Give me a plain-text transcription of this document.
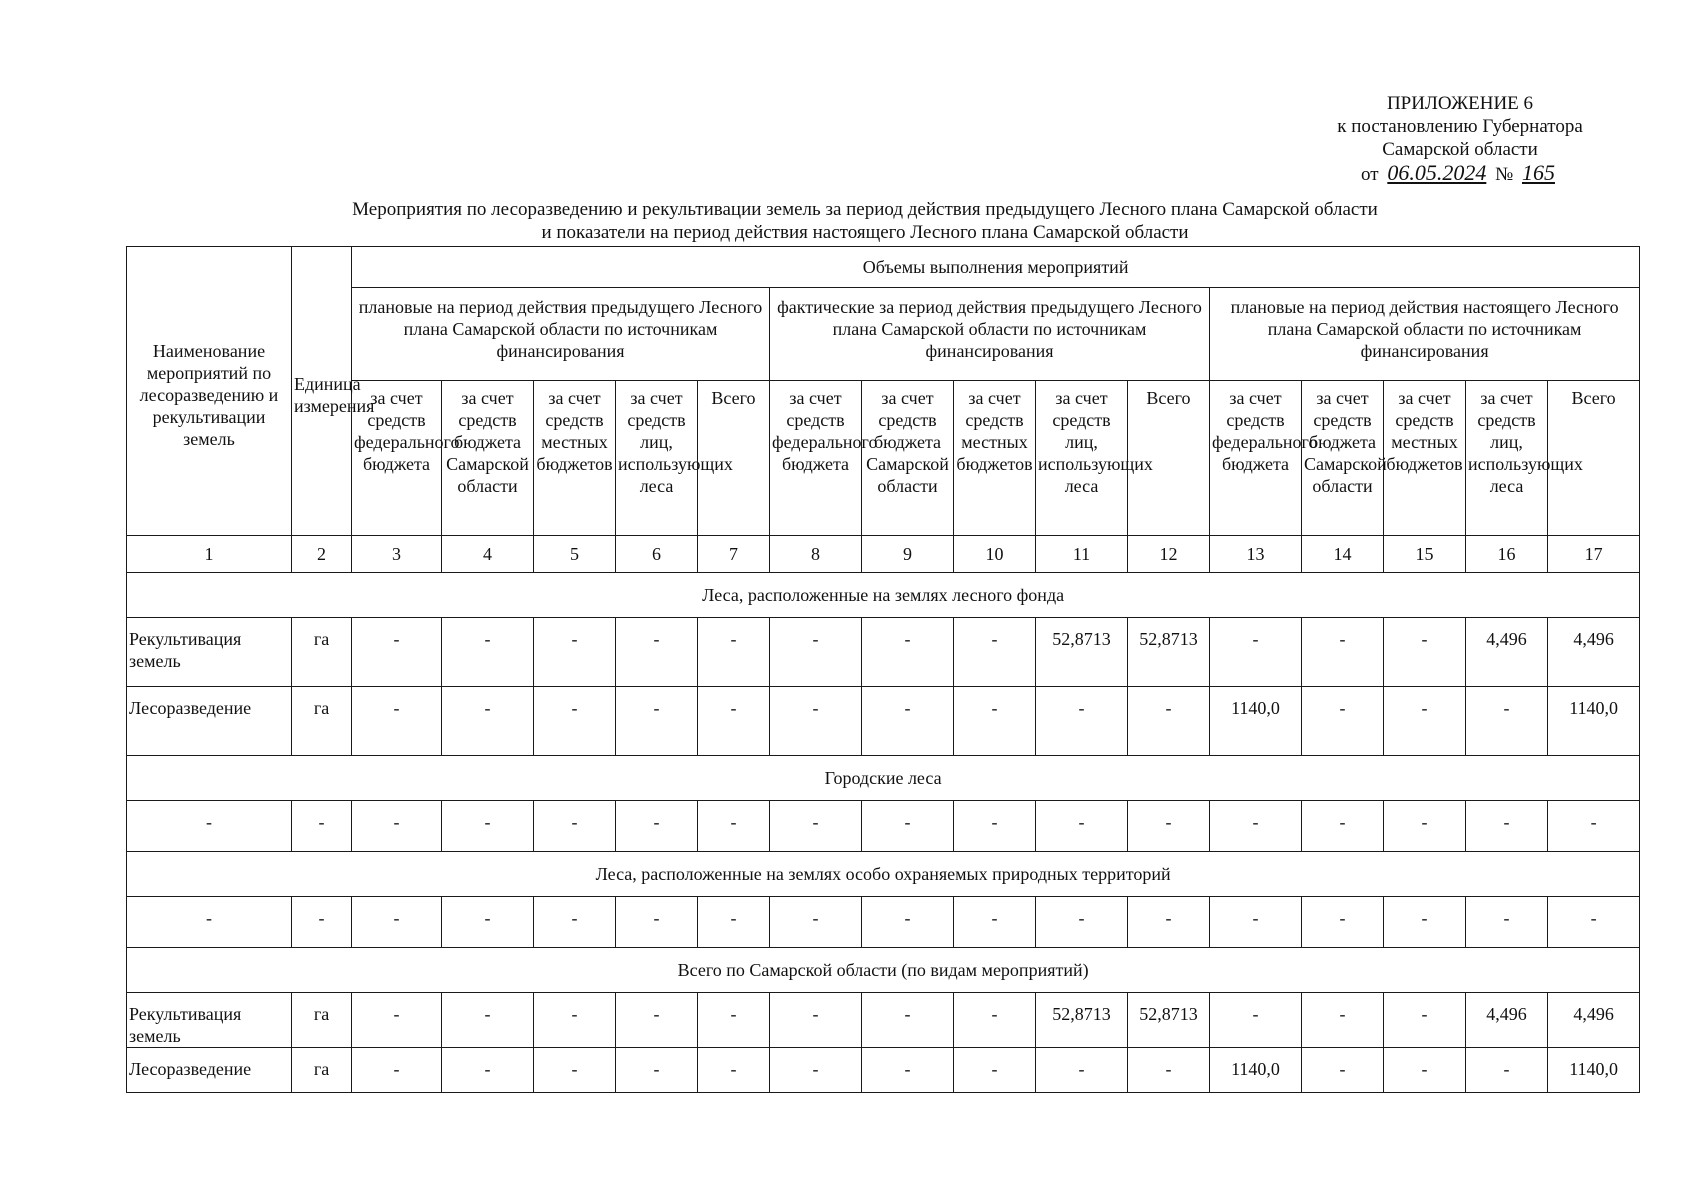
ПРИЛОЖЕНИЕ 6
к постановлению Губернатора
Самарской области
от 06.05.2024 № 165
Мероприятия по лесоразведению и рекультивации земель за период действия предыдущего Лесного плана Самарской области
и показатели на период действия настоящего Лесного плана Самарской области
Наименование мероприятий по лесоразведению и рекультивации земель	Единица измерения	Объемы выполнения мероприятий														
		плановые на период действия предыдущего Лесного плана Самарской области по источникам финансирования					фактические за период действия предыдущего Лесного плана Самарской области по источникам финансирования					плановые на период действия настоящего Лесного плана Самарской области по источникам финансирования				
		за счет средств федерального бюджета	за счет средств бюджета Самарской области	за счет средств местных бюджетов	за счет средств лиц, использующих леса	Всего	за счет средств федерального бюджета	за счет средств бюджета Самарской области	за счет средств местных бюджетов	за счет средств лиц, использующих леса	Всего	за счет средств федерального бюджета	за счет средств бюджета Самарской области	за счет средств местных бюджетов	за счет средств лиц, использующих леса	Всего
1	2	3	4	5	6	7	8	9	10	11	12	13	14	15	16	17
Леса, расположенные на землях лесного фонда																
Рекультивация земель	га	-	-	-	-	-	-	-	-	52,8713	52,8713	-	-	-	4,496	4,496
Лесоразведение	га	-	-	-	-	-	-	-	-	-	-	1140,0	-	-	-	1140,0
Городские леса																
-	-	-	-	-	-	-	-	-	-	-	-	-	-	-	-	-
Леса, расположенные на землях особо охраняемых природных территорий																
-	-	-	-	-	-	-	-	-	-	-	-	-	-	-	-	-
Всего по Самарской области (по видам мероприятий)																
Рекультивация земель	га	-	-	-	-	-	-	-	-	52,8713	52,8713	-	-	-	4,496	4,496
Лесоразведение	га	-	-	-	-	-	-	-	-	-	-	1140,0	-	-	-	1140,0
